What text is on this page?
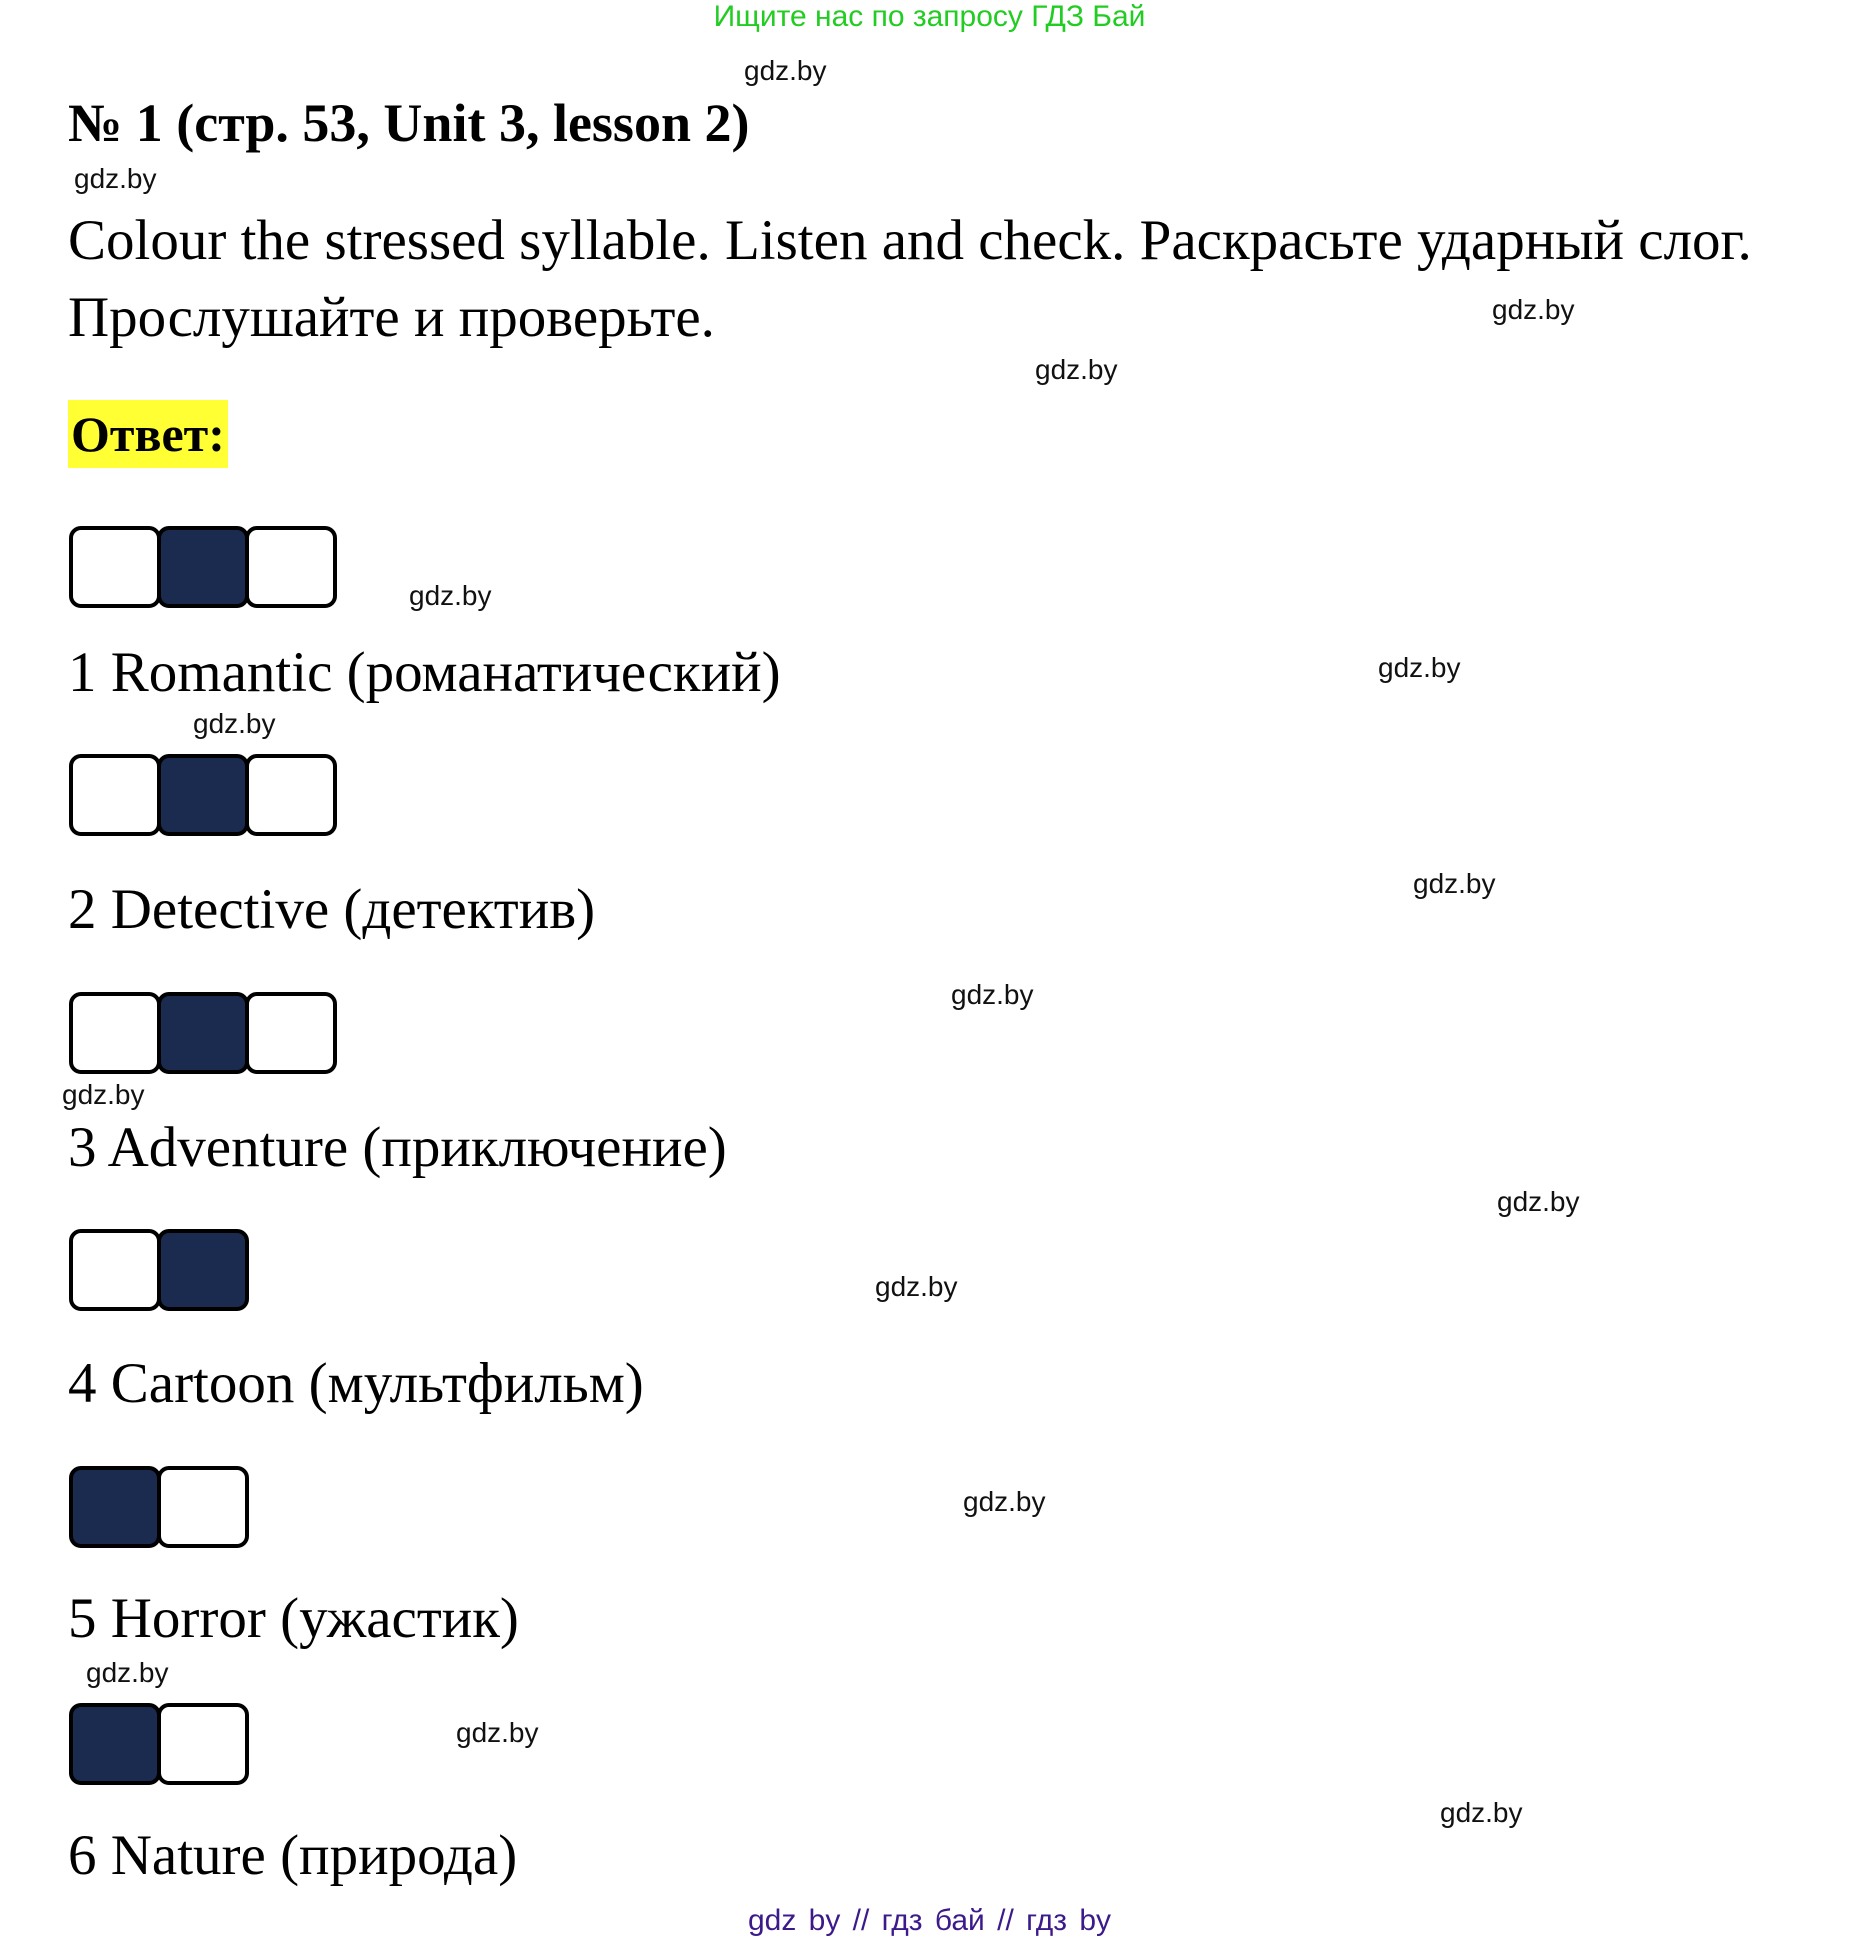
Ищите нас по запросу ГДЗ Бай
gdz.by
№ 1 (стр. 53, Unit 3, lesson 2)
gdz.by
Colour the stressed syllable. Listen and check. Раскрасьте ударный слог.
Прослушайте и проверьте.	gdz.by
gdz.by
Ответ:
gdz.by
1 Romantic (романатический)	gdz.by
gdz.by
gdz.by
2 Detective (детектив)
gdz.by
gdz.by
3 Adventure (приключение)
gdz.by
gdz.by
4 Cartoon (мультфильм)
gdz.by
5 Horror (ужастик)
gdz.by
gdz.by
gdz.by
6 Nature (природа)
gdz by // гдз бай // гдз by
